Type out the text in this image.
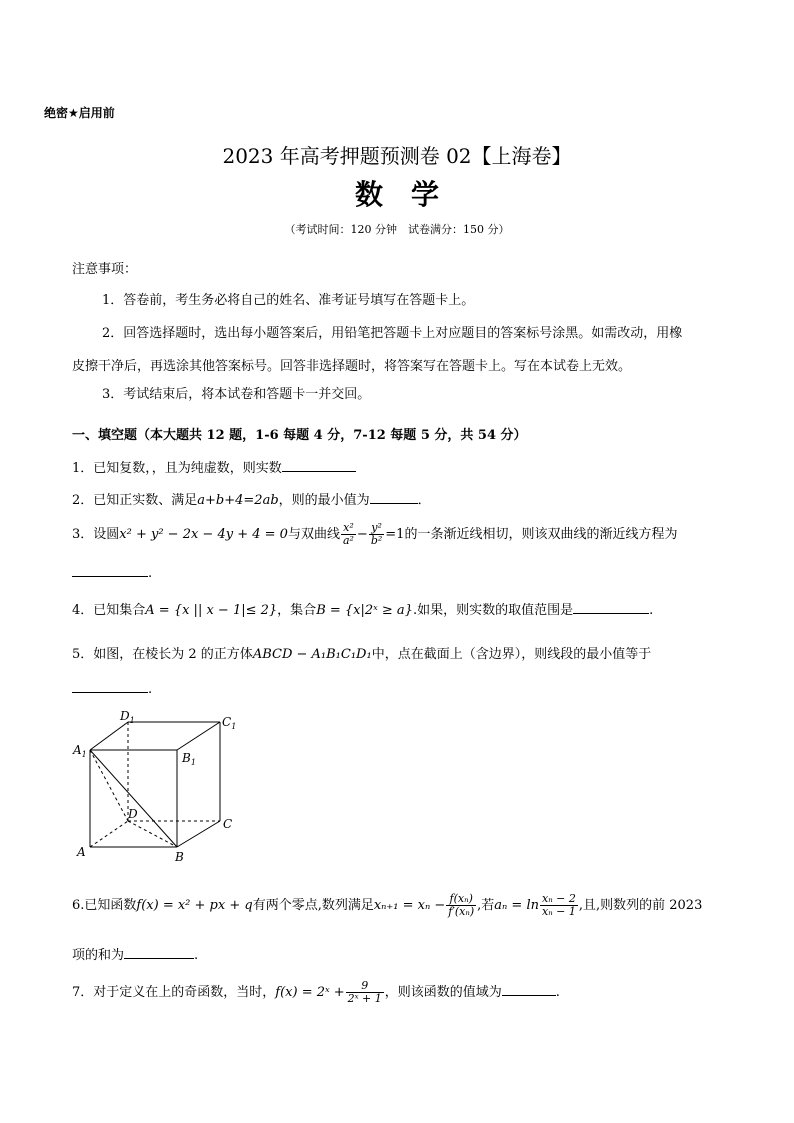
绝密★启用前
2023 年高考押题预测卷 02【上海卷】
数　学
（考试时间：120 分钟　试卷满分：150 分）
注意事项：
1．答卷前，考生务必将自己的姓名、准考证号填写在答题卡上。
2．回答选择题时，选出每小题答案后，用铅笔把答题卡上对应题目的答案标号涂黑。如需改动，用橡
皮擦干净后，再选涂其他答案标号。回答非选择题时，将答案写在答题卡上。写在本试卷上无效。
3．考试结束后，将本试卷和答题卡一并交回。
一、填空题（本大题共 12 题，1-6 每题 4 分，7-12 每题 5 分，共 54 分）
1．已知复数，，且为纯虚数，则实数
2．已知正实数、满足a+b+4=2ab，则的最小值为	．
3．设圆x² + y² − 2x − 4y + 4 = 0与双曲线 $\frac{\text{x²}}{\text{a²}} - \frac{\text{y²}}{\text{b²}} =1$的一条渐近线相切，则该双曲线的渐近线方程为
.
4．已知集合A = {x || x − 1|≤ 2}，集合B = {x|2ˣ ≥ a}.如果，则实数的取值范围是	.
5．如图，在棱长为 2 的正方体ABCD − A₁B₁C₁D₁中，点在截面上（含边界），则线段的最小值等于
.
$D_1$	$C_1$
$A_1$	$B_1$
D
C
A	B
6.已知函数f(x) = x² + px + q有两个零点,数列满足$x_{n+1} = x_n - \frac{\text{f(xₙ)}}{\text{f′(xₙ)}}$ ,若$a_n = \ln \frac{\text{xₙ − 2}}{\text{xₙ − 1}}$ ,且,则数列的前 2023
项的和为	.
7．对于定义在上的奇函数，当时，f(x) = 2ˣ + $\frac{9}{\text{2ˣ + 1}}$ ，则该函数的值域为	.
